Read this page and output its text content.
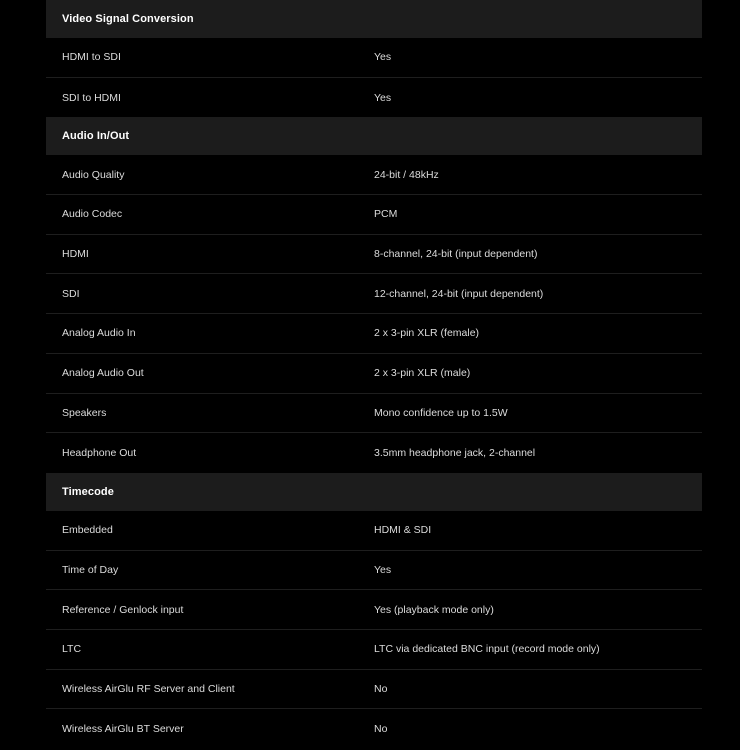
Video Signal Conversion
HDMI to SDI	Yes
SDI to HDMI	Yes
Audio In/Out
Audio Quality	24-bit / 48kHz
Audio Codec	PCM
HDMI	8-channel, 24-bit (input dependent)
SDI	12-channel, 24-bit (input dependent)
Analog Audio In	2 x 3-pin XLR (female)
Analog Audio Out	2 x 3-pin XLR (male)
Speakers	Mono confidence up to 1.5W
Headphone Out	3.5mm headphone jack, 2-channel
Timecode
Embedded	HDMI & SDI
Time of Day	Yes
Reference / Genlock input	Yes (playback mode only)
LTC	LTC via dedicated BNC input (record mode only)
Wireless AirGlu RF Server and Client	No
Wireless AirGlu BT Server	No
